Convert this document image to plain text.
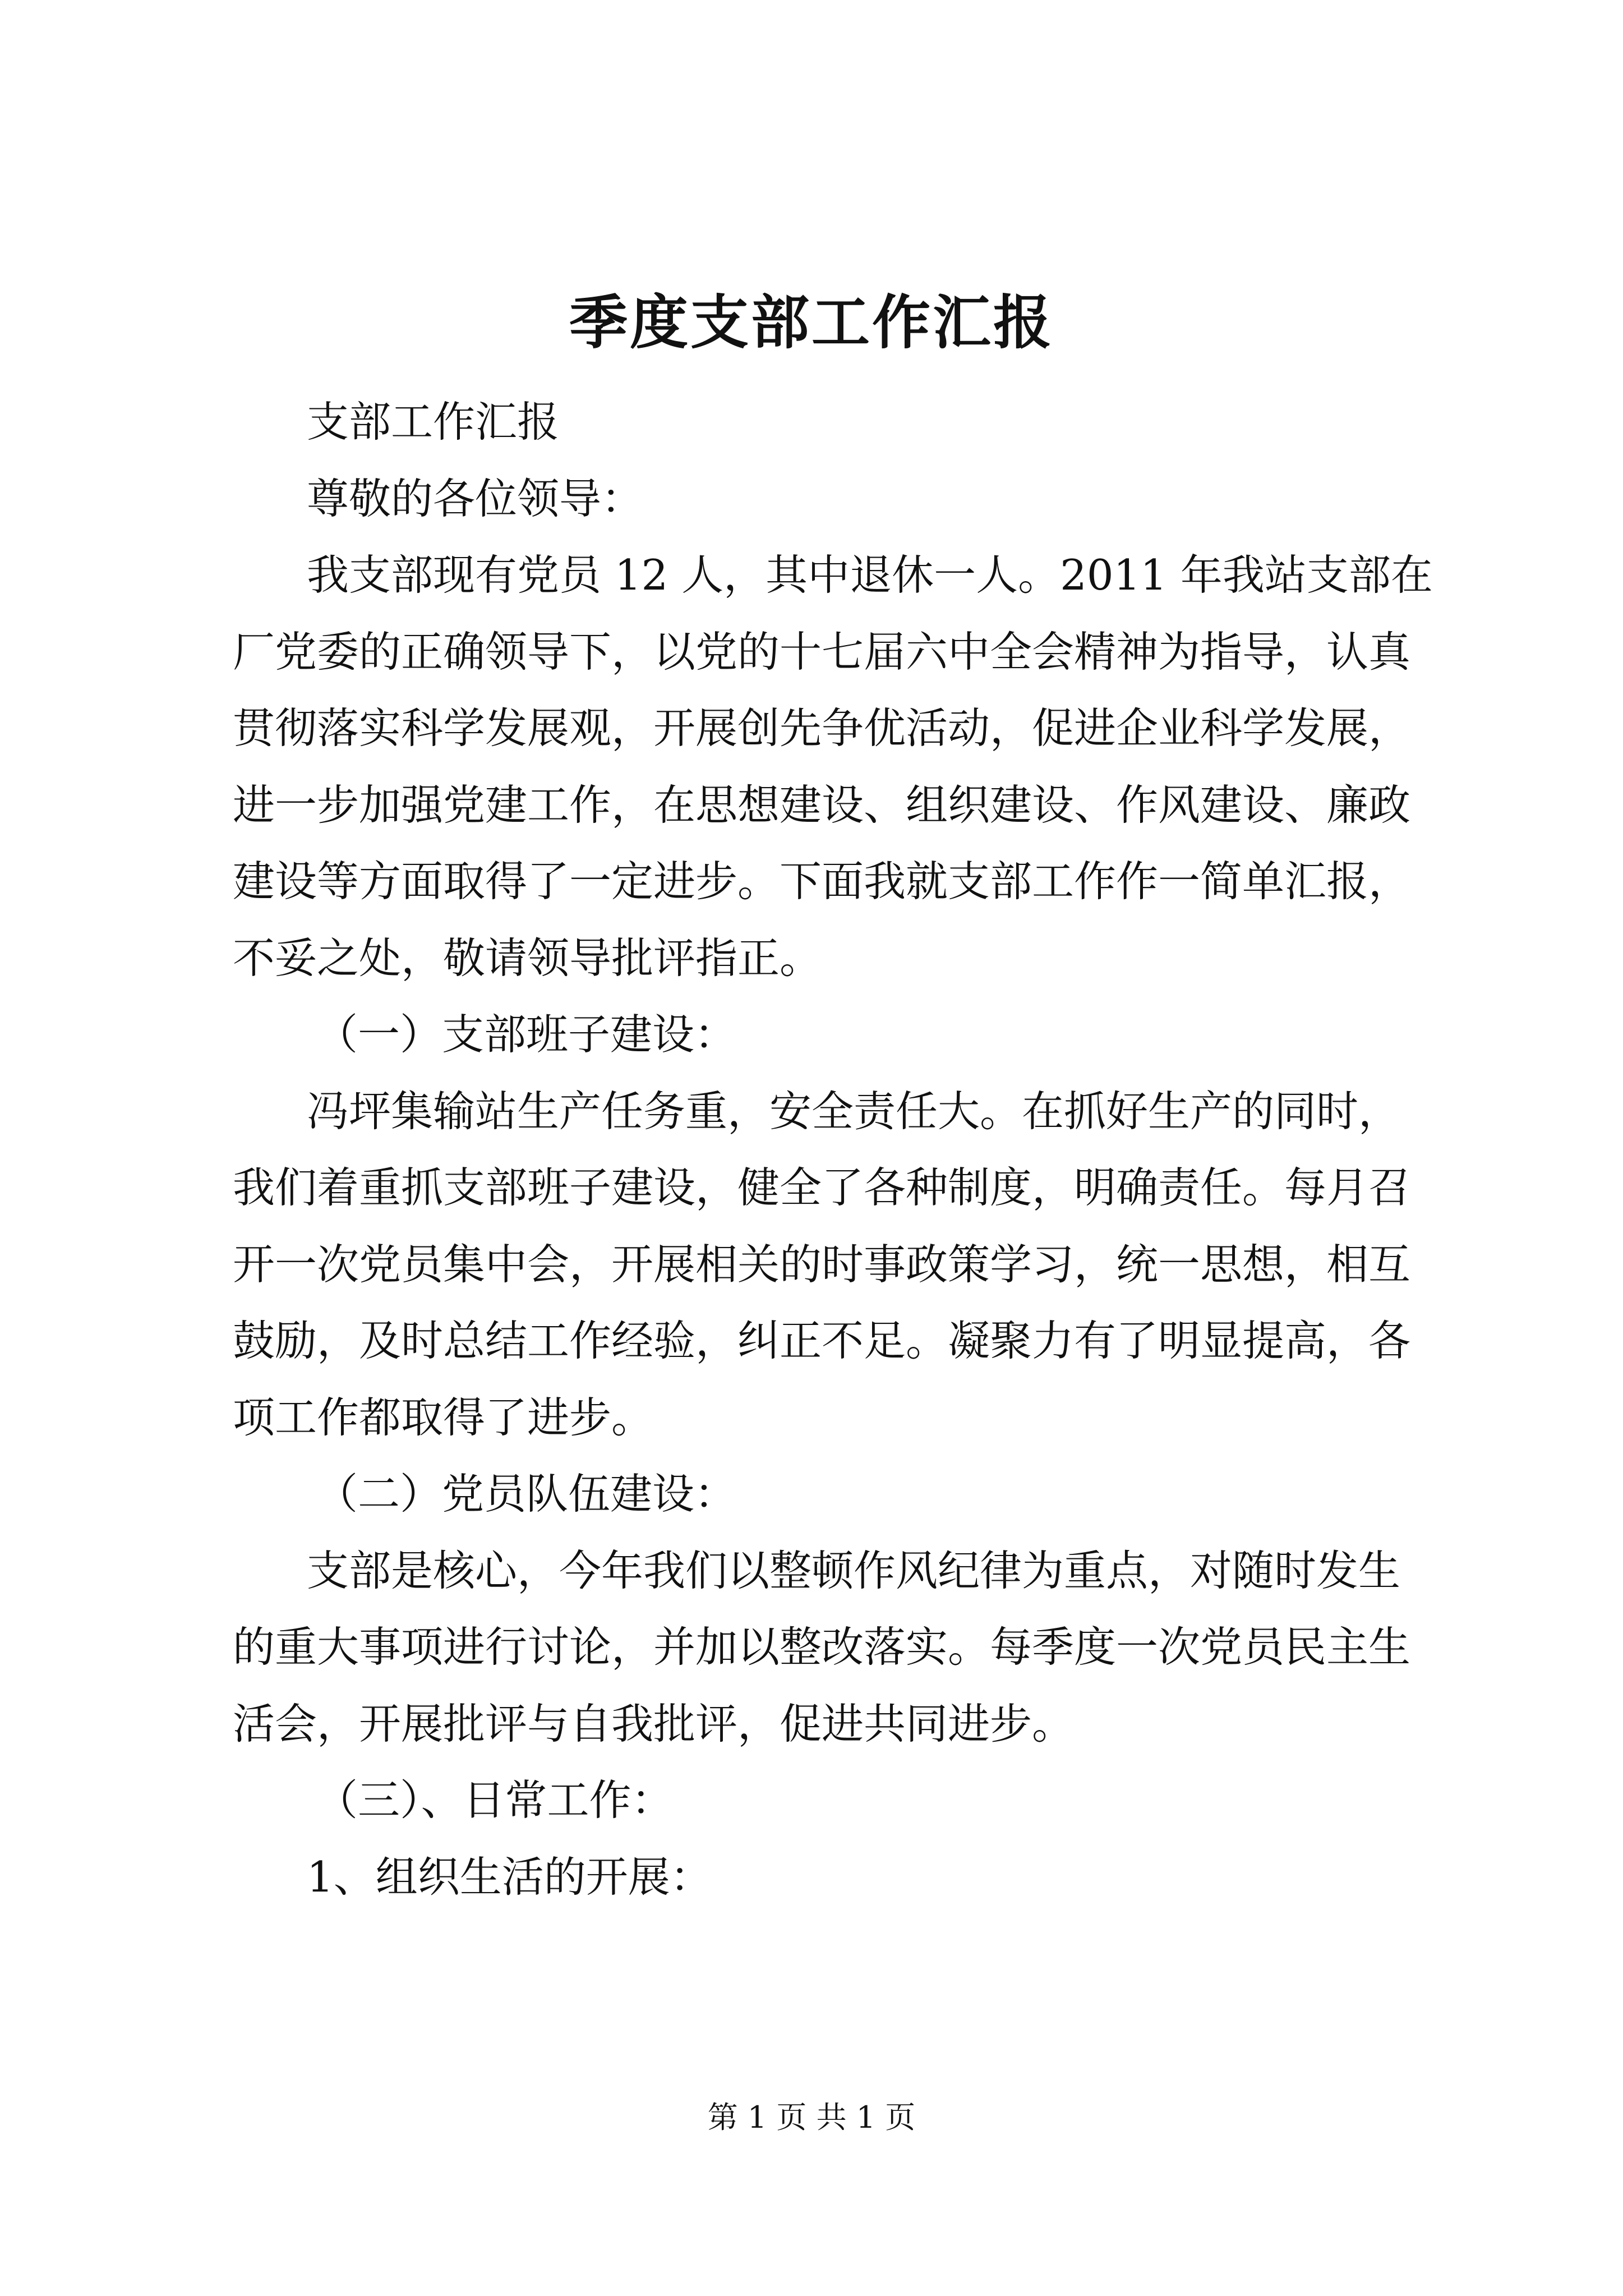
季度支部工作汇报
支部工作汇报
尊敬的各位领导：
我支部现有党员 12 人，其中退休一人。2011 年我站支部在
厂党委的正确领导下，以党的十七届六中全会精神为指导，认真
贯彻落实科学发展观，开展创先争优活动，促进企业科学发展，
进一步加强党建工作，在思想建设、组织建设、作风建设、廉政
建设等方面取得了一定进步。下面我就支部工作作一简单汇报，
不妥之处，敬请领导批评指正。
（一）支部班子建设：
冯坪集输站生产任务重，安全责任大。在抓好生产的同时，
我们着重抓支部班子建设，健全了各种制度，明确责任。每月召
开一次党员集中会，开展相关的时事政策学习，统一思想，相互
鼓励，及时总结工作经验，纠正不足。凝聚力有了明显提高，各
项工作都取得了进步。
（二）党员队伍建设：
支部是核心，今年我们以整顿作风纪律为重点，对随时发生
的重大事项进行讨论，并加以整改落实。每季度一次党员民主生
活会，开展批评与自我批评，促进共同进步。
（三）、日常工作：
1、组织生活的开展：

第 1 页 共 1 页
